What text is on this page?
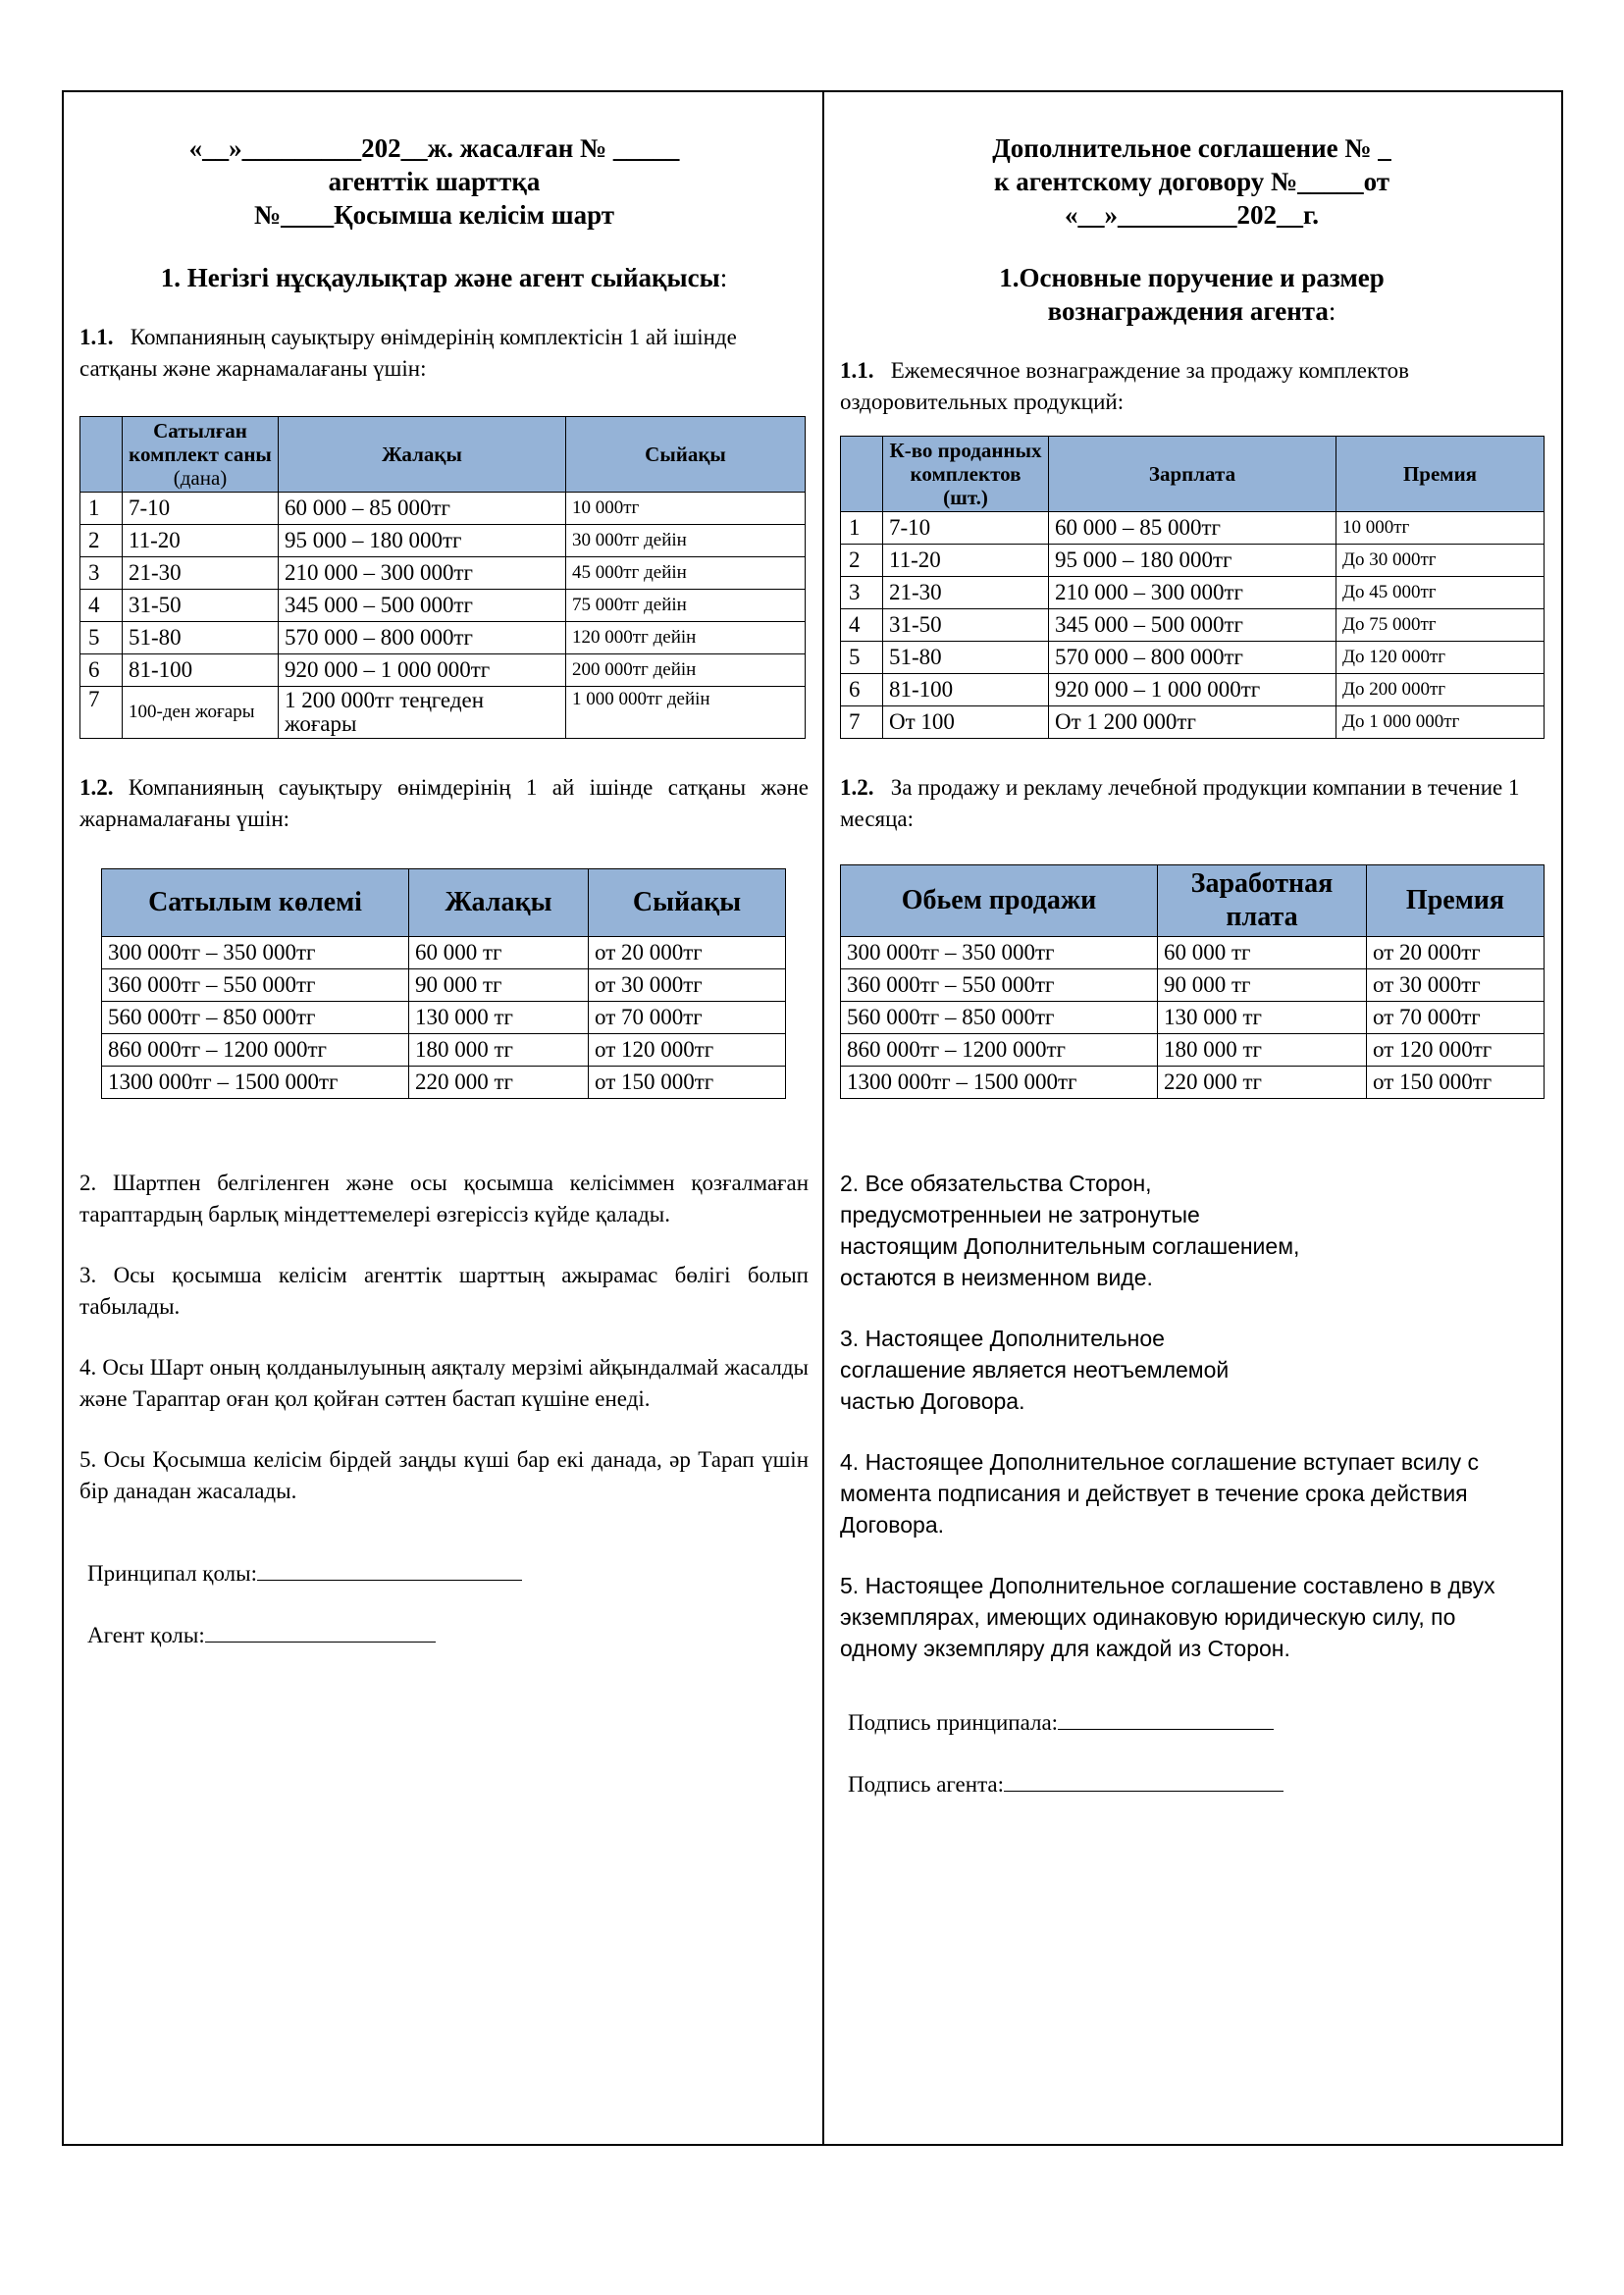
«__»_________202__ж. жасалған № _____
агенттік шарттқа
№____Қосымша келісім шарт
1. Негізгі нұсқаулықтар және агент сыйақысы:
1.1. Компанияның сауықтыру өнімдерінің комплектісін 1 ай ішінде сатқаны және жарнамалағаны үшін:
	Сатылған комплект саны (дана)	Жалақы	Сыйақы
1	7-10	60 000 – 85 000тг	10 000тг
2	11-20	95 000 – 180 000тг	30 000тг дейін
3	21-30	210 000 – 300 000тг	45 000тг дейін
4	31-50	345 000 – 500 000тг	75 000тг дейін
5	51-80	570 000 – 800 000тг	120 000тг дейін
6	81-100	920 000 – 1 000 000тг	200 000тг дейін
7	100-ден жоғары	1 200 000тг теңгеден жоғары	1 000 000тг дейін
1.2. Компанияның сауықтыру өнімдерінің 1 ай ішінде сатқаны және жарнамалағаны үшін:
Сатылым көлемі	Жалақы	Сыйақы
300 000тг – 350 000тг	60 000 тг	от 20 000тг
360 000тг – 550 000тг	90 000 тг	от 30 000тг
560 000тг – 850 000тг	130 000 тг	от 70 000тг
860 000тг – 1200 000тг	180 000 тг	от 120 000тг
1300 000тг – 1500 000тг	220 000 тг	от 150 000тг
2. Шартпен белгіленген және осы қосымша келісіммен қозғалмаған тараптардың барлық міндеттемелері өзгеріссіз күйде қалады.
3. Осы қосымша келісім агенттік шарттың ажырамас бөлігі болып табылады.
4. Осы Шарт оның қолданылуының аяқталу мерзімі айқындалмай жасалды және Тараптар оған қол қойған сәттен бастап күшіне енеді.
5. Осы Қосымша келісім бірдей заңды күші бар екі данада, әр Тарап үшін бір данадан жасалады.
Принципал қолы:
Агент қолы:
Дополнительное соглашение № _
к агентскому договору №_____от
«__»_________202__г.
1.Основные поручение и размер вознаграждения агента:
1.1. Ежемесячное вознаграждение за продажу комплектов оздоровительных продукций:
	К-во проданных комплектов (шт.)	Зарплата	Премия
1	7-10	60 000 – 85 000тг	10 000тг
2	11-20	95 000 – 180 000тг	До 30 000тг
3	21-30	210 000 – 300 000тг	До 45 000тг
4	31-50	345 000 – 500 000тг	До 75 000тг
5	51-80	570 000 – 800 000тг	До 120 000тг
6	81-100	920 000 – 1 000 000тг	До 200 000тг
7	От 100	От 1 200 000тг	До 1 000 000тг
1.2. За продажу и рекламу лечебной продукции компании в течение 1 месяца:
Обьем продажи	Заработная плата	Премия
300 000тг – 350 000тг	60 000 тг	от 20 000тг
360 000тг – 550 000тг	90 000 тг	от 30 000тг
560 000тг – 850 000тг	130 000 тг	от 70 000тг
860 000тг – 1200 000тг	180 000 тг	от 120 000тг
1300 000тг – 1500 000тг	220 000 тг	от 150 000тг
2. Все обязательства Сторон, предусмотренныеи не затронутые настоящим Дополнительным соглашением, остаются в неизменном виде.
3. Настоящее Дополнительное соглашение является неотъемлемой частью Договора.
4. Настоящее Дополнительное соглашение вступает всилу с момента подписания и действует в течение срока действия Договора.
5. Настоящее Дополнительное соглашение составлено в двух экземплярах, имеющих одинаковую юридическую силу, по одному экземпляру для каждой из Сторон.
Подпись принципала:
Подпись агента:
